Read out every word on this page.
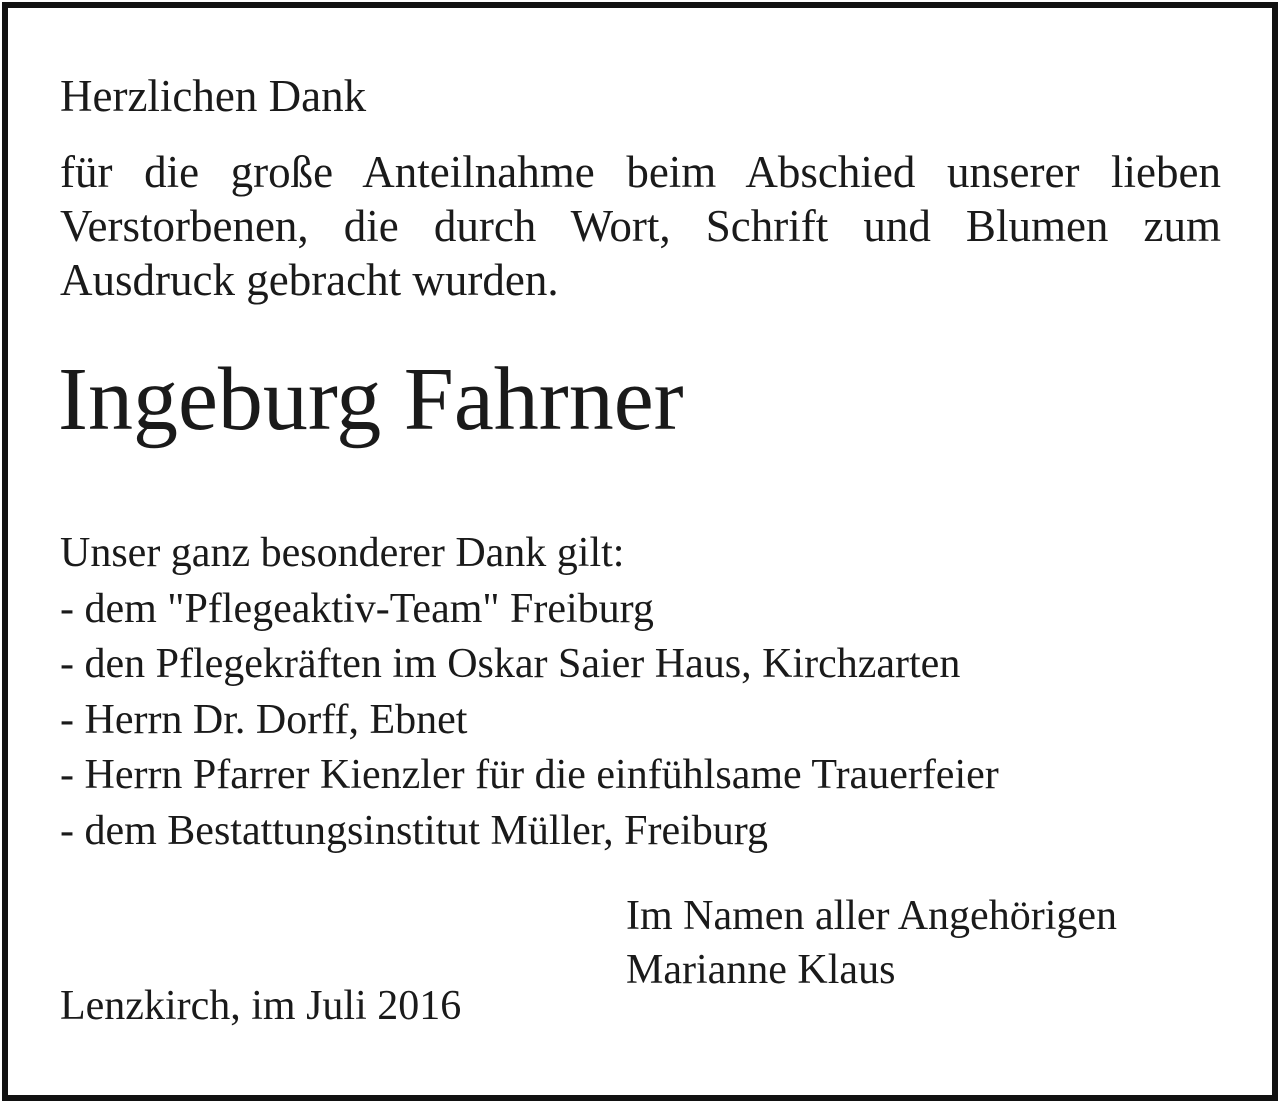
Herzlichen Dank
für die große Anteilnahme beim Abschied unserer lieben
Verstorbenen, die durch Wort, Schrift und Blumen zum
Ausdruck gebracht wurden.
Ingeburg Fahrner
Unser ganz besonderer Dank gilt:
- dem "Pflegeaktiv-Team" Freiburg
- den Pflegekräften im Oskar Saier Haus, Kirchzarten
- Herrn Dr. Dorff, Ebnet
- Herrn Pfarrer Kienzler für die einfühlsame Trauerfeier
- dem Bestattungsinstitut Müller, Freiburg
Im Namen aller Angehörigen
Marianne Klaus
Lenzkirch, im Juli 2016
